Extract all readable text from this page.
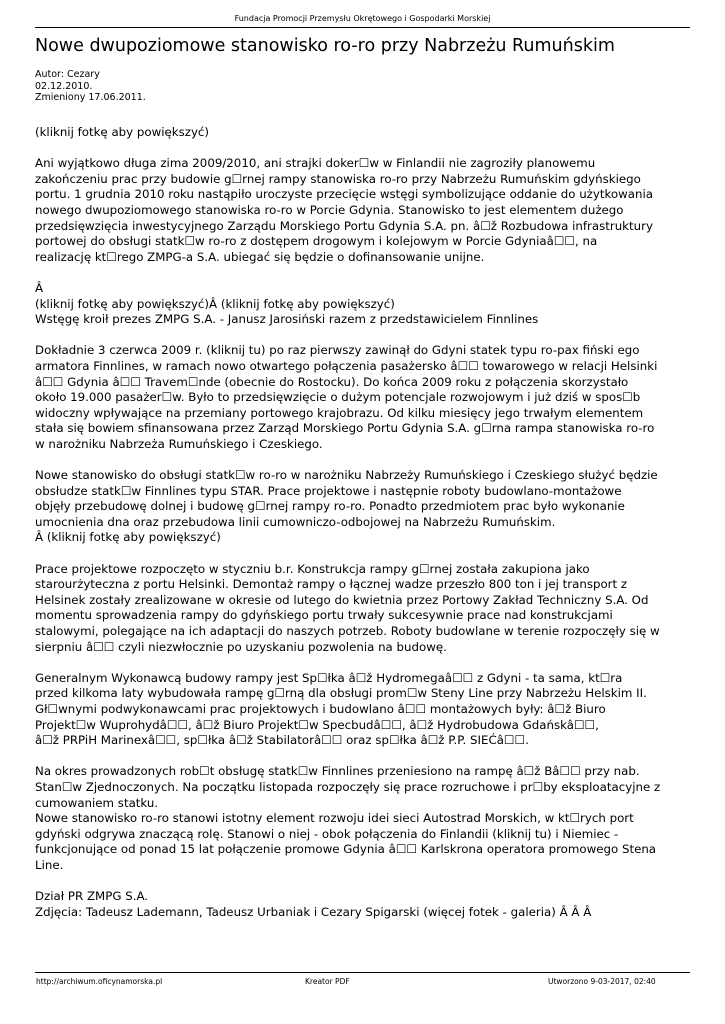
Fundacja Promocji Przemysłu Okrętowego i Gospodarki Morskiej
Nowe dwupoziomowe stanowisko ro-ro przy Nabrzeżu Rumuńskim
Autor: Cezary
02.12.2010.
Zmieniony 17.06.2011.

(kliknij fotkę aby powiększyć)

Ani wyjątkowo długa zima 2009/2010, ani strajki doker☐w w Finlandii nie zagroziły planowemu

zakończeniu prac przy budowie g☐rnej rampy stanowiska ro-ro przy Nabrzeżu Rumuńskim gdyńskiego

portu. 1 grudnia 2010 roku nastąpiło uroczyste przecięcie wstęgi symbolizujące oddanie do użytkowania

nowego dwupoziomowego stanowiska ro-ro w Porcie Gdynia. Stanowisko to jest elementem dużego

przedsięwzięcia inwestycyjnego Zarządu Morskiego Portu Gdynia S.A. pn. â☐ž Rozbudowa infrastruktury

portowej do obsługi statk☐w ro-ro z dostępem drogowym i kolejowym w Porcie Gdyniaâ☐☐, na

realizację kt☐rego ZMPG-a S.A. ubiegać się będzie o dofinansowanie unijne.

Â

(kliknij fotkę aby powiększyć)Â (kliknij fotkę aby powiększyć)

Wstęgę kroił prezes ZMPG S.A. - Janusz Jarosiński razem z przedstawicielem Finnlines

Dokładnie 3 czerwca 2009 r. (kliknij tu) po raz pierwszy zawinął do Gdyni statek typu ro-pax fiński ego

armatora Finnlines, w ramach nowo otwartego połączenia pasażersko â☐☐ towarowego w relacji Helsinki

â☐☐ Gdynia â☐☐ Travem☐nde (obecnie do Rostocku). Do końca 2009 roku z połączenia skorzystało

około 19.000 pasażer☐w. Było to przedsięwzięcie o dużym potencjale rozwojowym i już dziś w spos☐b

widoczny wpływające na przemiany portowego krajobrazu. Od kilku miesięcy jego trwałym elementem

stała się bowiem sfinansowana przez Zarząd Morskiego Portu Gdynia S.A. g☐rna rampa stanowiska ro-ro

w narożniku Nabrzeża Rumuńskiego i Czeskiego.

Nowe stanowisko do obsługi statk☐w ro-ro w narożniku Nabrzeży Rumuńskiego i Czeskiego służyć będzie

obsłudze statk☐w Finnlines typu STAR. Prace projektowe i następnie roboty budowlano-montażowe

objęły przebudowę dolnej i budowę g☐rnej rampy ro-ro. Ponadto przedmiotem prac było wykonanie

umocnienia dna oraz przebudowa linii cumowniczo-odbojowej na Nabrzeżu Rumuńskim.

Â (kliknij fotkę aby powiększyć)

Prace projektowe rozpoczęto w styczniu b.r. Konstrukcja rampy g☐rnej została zakupiona jako

starourżyteczna z portu Helsinki. Demontaż rampy o łącznej wadze przeszło 800 ton i jej transport z

Helsinek zostały zrealizowane w okresie od lutego do kwietnia przez Portowy Zakład Techniczny S.A. Od

momentu sprowadzenia rampy do gdyńskiego portu trwały sukcesywnie prace nad konstrukcjami

stalowymi, polegające na ich adaptacji do naszych potrzeb. Roboty budowlane w terenie rozpoczęły się w

sierpniu â☐☐ czyli niezwłocznie po uzyskaniu pozwolenia na budowę.

Generalnym Wykonawcą budowy rampy jest Sp☐łka â☐ž Hydromegaâ☐☐ z Gdyni - ta sama, kt☐ra

przed kilkoma laty wybudowała rampę g☐rną dla obsługi prom☐w Steny Line przy Nabrzeżu Helskim II.

Gł☐wnymi podwykonawcami prac projektowych i budowlano â☐☐ montażowych były: â☐ž Biuro

Projekt☐w Wuprohydâ☐☐, â☐ž Biuro Projekt☐w Specbudâ☐☐, â☐ž Hydrobudowa Gdańskâ☐☐,

â☐ž PRPiH Marinexâ☐☐, sp☐łka â☐ž Stabilatorâ☐☐ oraz sp☐łka â☐ž P.P. SIEĆâ☐☐.

Na okres prowadzonych rob☐t obsługę statk☐w Finnlines przeniesiono na rampę â☐ž Bâ☐☐ przy nab.

Stan☐w Zjednoczonych. Na początku listopada rozpoczęły się prace rozruchowe i pr☐by eksploatacyjne z

cumowaniem statku.

Nowe stanowisko ro-ro stanowi istotny element rozwoju idei sieci Autostrad Morskich, w kt☐rych port

gdyński odgrywa znaczącą rolę. Stanowi o niej - obok połączenia do Finlandii (kliknij tu) i Niemiec -

funkcjonujące od ponad 15 lat połączenie promowe Gdynia â☐☐ Karlskrona operatora promowego Stena

Line.

Dział PR ZMPG S.A.

Zdjęcia: Tadeusz Lademann, Tadeusz Urbaniak i Cezary Spigarski (więcej fotek - galeria) Â Â Â

http://archiwum.oficynamorska.pl	Kreator PDF	Utworzono 9-03-2017, 02:40
